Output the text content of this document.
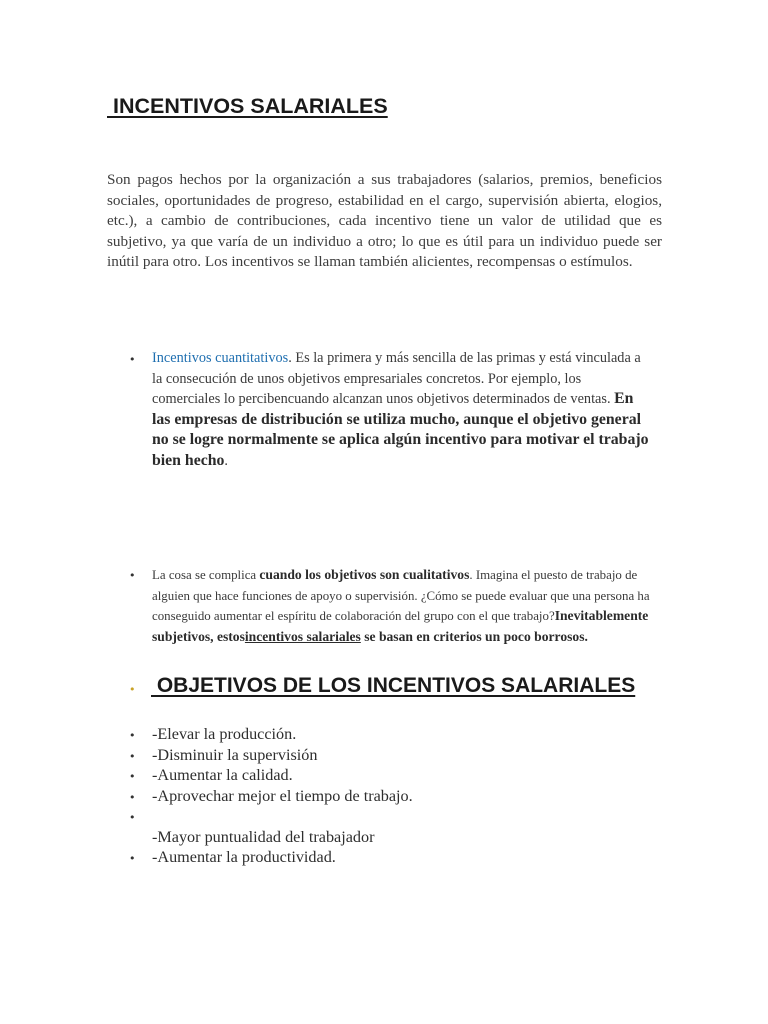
INCENTIVOS SALARIALES

Son pagos hechos por la organización a sus trabajadores (salarios, premios, beneficios sociales, oportunidades de progreso, estabilidad en el cargo, supervisión abierta, elogios, etc.), a cambio de contribuciones, cada incentivo tiene un valor de utilidad que es subjetivo, ya que varía de un individuo a otro; lo que es útil para un individuo puede ser inútil para otro. Los incentivos se llaman también alicientes, recompensas o estímulos.

• Incentivos cuantitativos. Es la primera y más sencilla de las primas y está vinculada a la consecución de unos objetivos empresariales concretos. Por ejemplo, los comerciales lo percibencuando alcanzan unos objetivos determinados de ventas. En las empresas de distribución se utiliza mucho, aunque el objetivo general no se logre normalmente se aplica algún incentivo para motivar el trabajo bien hecho.
• La cosa se complica cuando los objetivos son cualitativos. Imagina el puesto de trabajo de alguien que hace funciones de apoyo o supervisión. ¿Cómo se puede evaluar que una persona ha conseguido aumentar el espíritu de colaboración del grupo con el que trabajo?Inevitablemente subjetivos, estosincentivos salariales se basan en criterios un poco borrosos.
• OBJETIVOS DE LOS INCENTIVOS SALARIALES
• -Elevar la producción.
• -Disminuir la supervisión
• -Aumentar la calidad.
• -Aprovechar mejor el tiempo de trabajo.
•
-Mayor puntualidad del trabajador
• -Aumentar la productividad.
